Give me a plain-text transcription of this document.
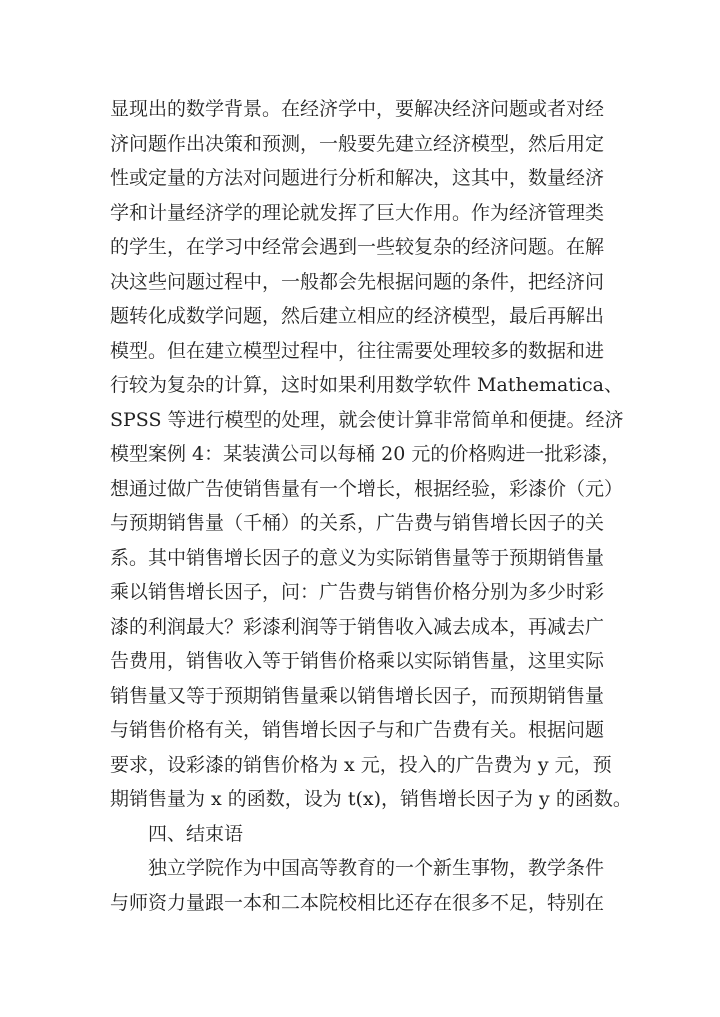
显现出的数学背景。在经济学中，要解决经济问题或者对经
济问题作出决策和预测，一般要先建立经济模型，然后用定
性或定量的方法对问题进行分析和解决，这其中，数量经济
学和计量经济学的理论就发挥了巨大作用。作为经济管理类
的学生，在学习中经常会遇到一些较复杂的经济问题。在解
决这些问题过程中，一般都会先根据问题的条件，把经济问
题转化成数学问题，然后建立相应的经济模型，最后再解出
模型。但在建立模型过程中，往往需要处理较多的数据和进
行较为复杂的计算，这时如果利用数学软件 Mathematica、
SPSS 等进行模型的处理，就会使计算非常简单和便捷。经济
模型案例 4：某装潢公司以每桶 20 元的价格购进一批彩漆，
想通过做广告使销售量有一个增长，根据经验，彩漆价（元）
与预期销售量（千桶）的关系，广告费与销售增长因子的关
系。其中销售增长因子的意义为实际销售量等于预期销售量
乘以销售增长因子，问：广告费与销售价格分别为多少时彩
漆的利润最大？彩漆利润等于销售收入减去成本，再减去广
告费用，销售收入等于销售价格乘以实际销售量，这里实际
销售量又等于预期销售量乘以销售增长因子，而预期销售量
与销售价格有关，销售增长因子与和广告费有关。根据问题
要求，设彩漆的销售价格为 x 元，投入的广告费为 y 元，预
期销售量为 x 的函数，设为 t(x)，销售增长因子为 y 的函数。
四、结束语
独立学院作为中国高等教育的一个新生事物，教学条件
与师资力量跟一本和二本院校相比还存在很多不足，特别在
